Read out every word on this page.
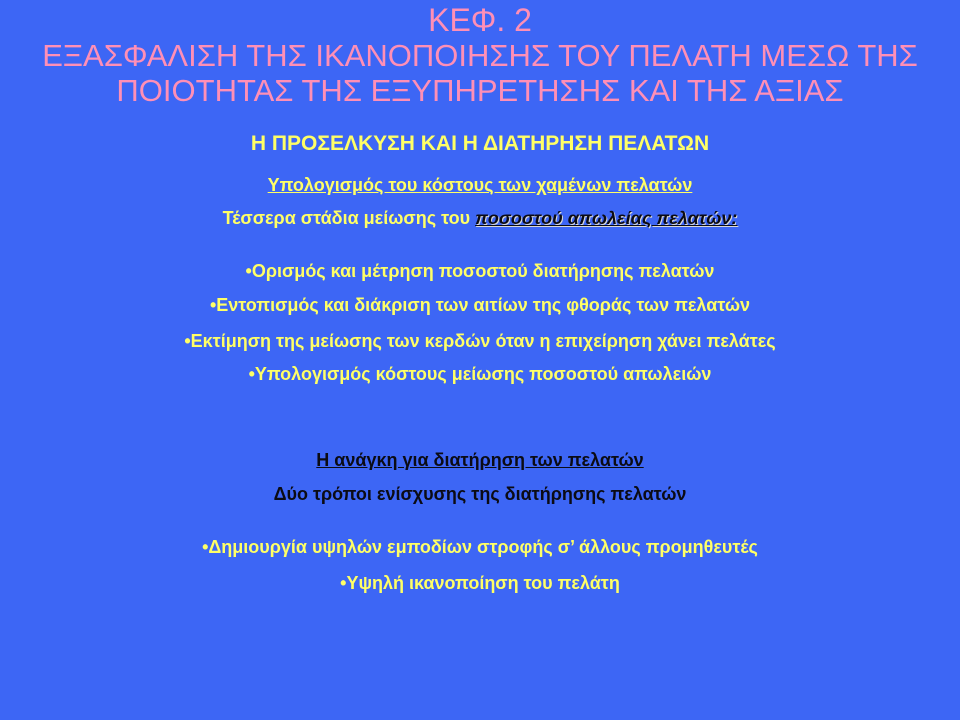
ΚΕΦ. 2
ΕΞΑΣΦΑΛΙΣΗ ΤΗΣ ΙΚΑΝΟΠΟΙΗΣΗΣ ΤΟΥ ΠΕΛΑΤΗ ΜΕΣΩ ΤΗΣ
ΠΟΙΟΤΗΤΑΣ ΤΗΣ ΕΞΥΠΗΡΕΤΗΣΗΣ ΚΑΙ ΤΗΣ ΑΞΙΑΣ
Η ΠΡΟΣΕΛΚΥΣΗ ΚΑΙ Η ΔΙΑΤΗΡΗΣΗ ΠΕΛΑΤΩΝ
Υπολογισμός του κόστους των χαμένων πελατών
Τέσσερα στάδια μείωσης του ποσοστού απωλείας πελατών:
•Ορισμός και μέτρηση ποσοστού διατήρησης πελατών
•Εντοπισμός και διάκριση των αιτίων της φθοράς των πελατών
•Εκτίμηση της μείωσης των κερδών όταν η επιχείρηση χάνει πελάτες
•Υπολογισμός κόστους μείωσης ποσοστού απωλειών
Η ανάγκη για διατήρηση των πελατών
Δύο τρόποι ενίσχυσης της διατήρησης πελατών
•Δημιουργία υψηλών εμποδίων στροφής σ’ άλλους προμηθευτές
•Υψηλή ικανοποίηση του πελάτη
